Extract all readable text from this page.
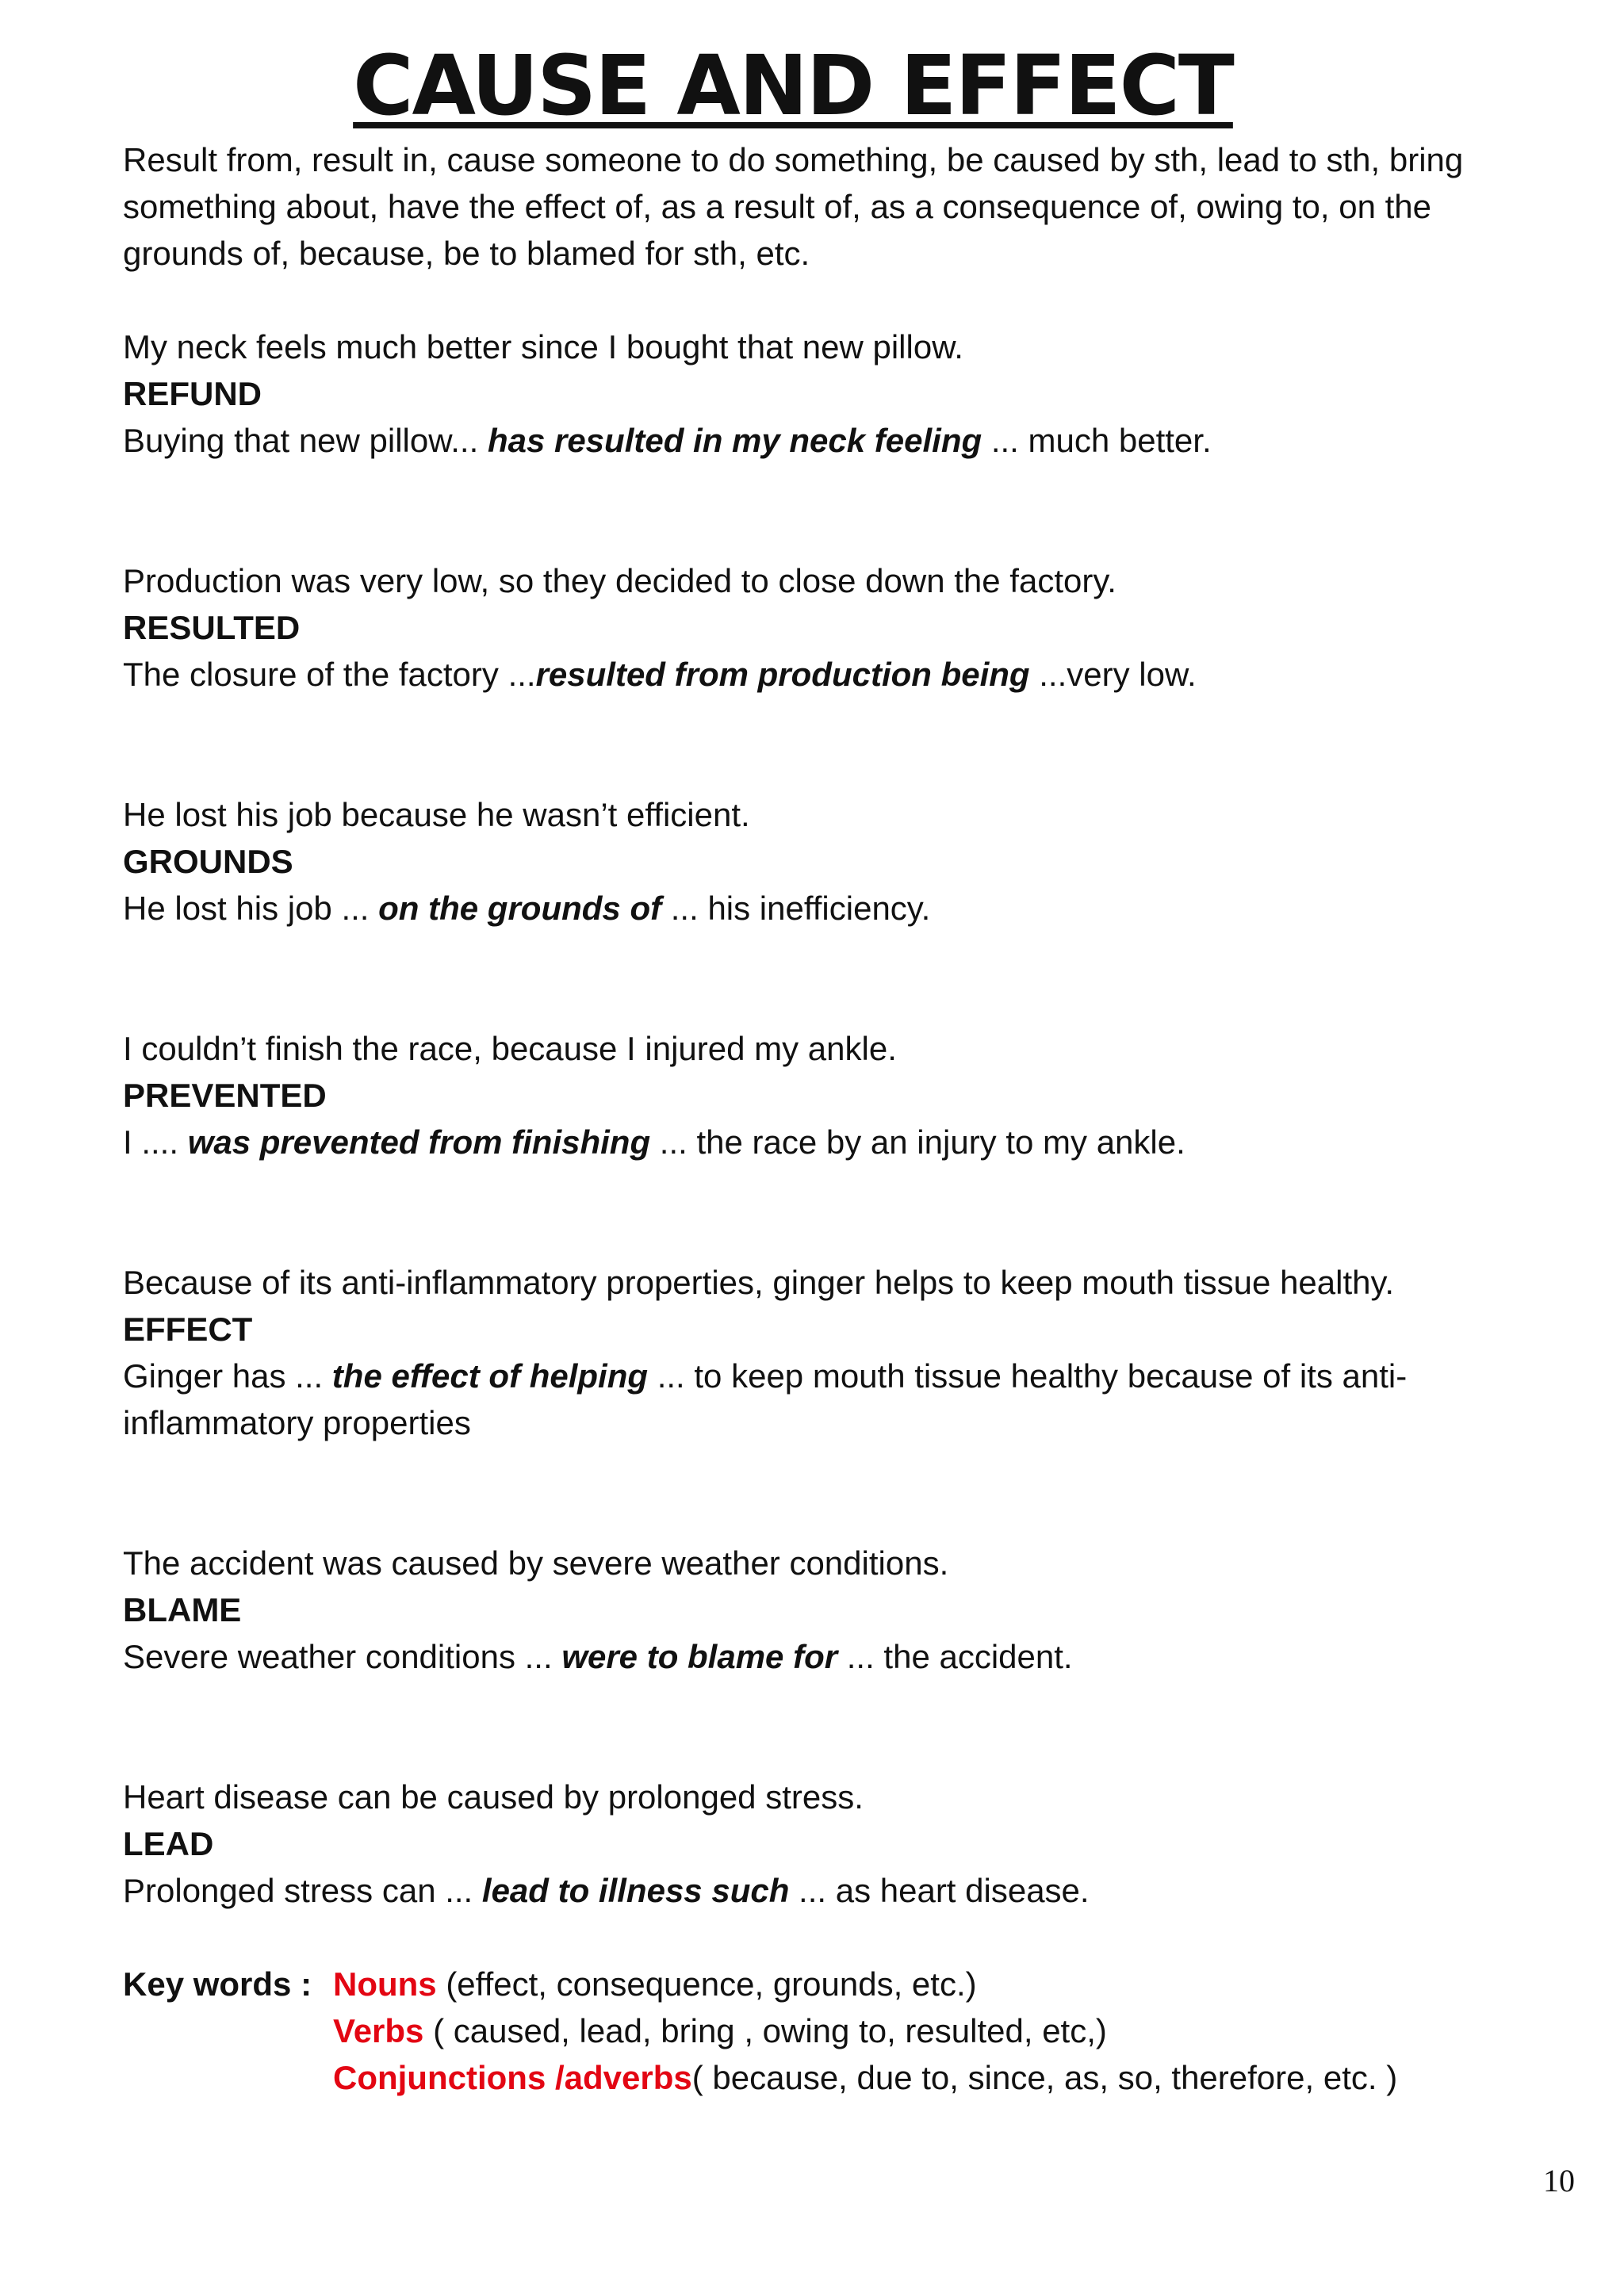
CAUSE AND EFFECT

Result from, result in, cause someone to do something, be caused by sth, lead to sth, bring something about, have the effect of, as a result of, as a consequence of, owing to, on the grounds of, because, be to blamed for sth, etc.

My neck feels much better since I bought that new pillow.

REFUND

Buying that new pillow... has resulted in my neck feeling ... much better.

Production was very low, so they decided to close down the factory.

RESULTED

The closure of the factory ...resulted from production being ...very low.

He lost his job because he wasn’t efficient.

GROUNDS

He lost his job ... on the grounds of ... his inefficiency.

I couldn’t finish the race, because I injured my ankle.

PREVENTED

I .... was prevented from finishing ... the race by an injury to my ankle.

Because of its anti-inflammatory properties, ginger helps to keep mouth tissue healthy.

EFFECT

Ginger has ... the effect of helping ... to keep mouth tissue healthy because of its anti-inflammatory properties

The accident was caused by severe weather conditions.

BLAME

Severe weather conditions ... were to blame for ... the accident.

Heart disease can be caused by prolonged stress.

LEAD

Prolonged stress can ... lead to illness such ... as heart disease.

Key words : Nouns (effect, consequence, grounds, etc.)

Verbs ( caused, lead, bring , owing to, resulted, etc,)

Conjunctions /adverbs( because, due to, since, as, so, therefore, etc. )

10
